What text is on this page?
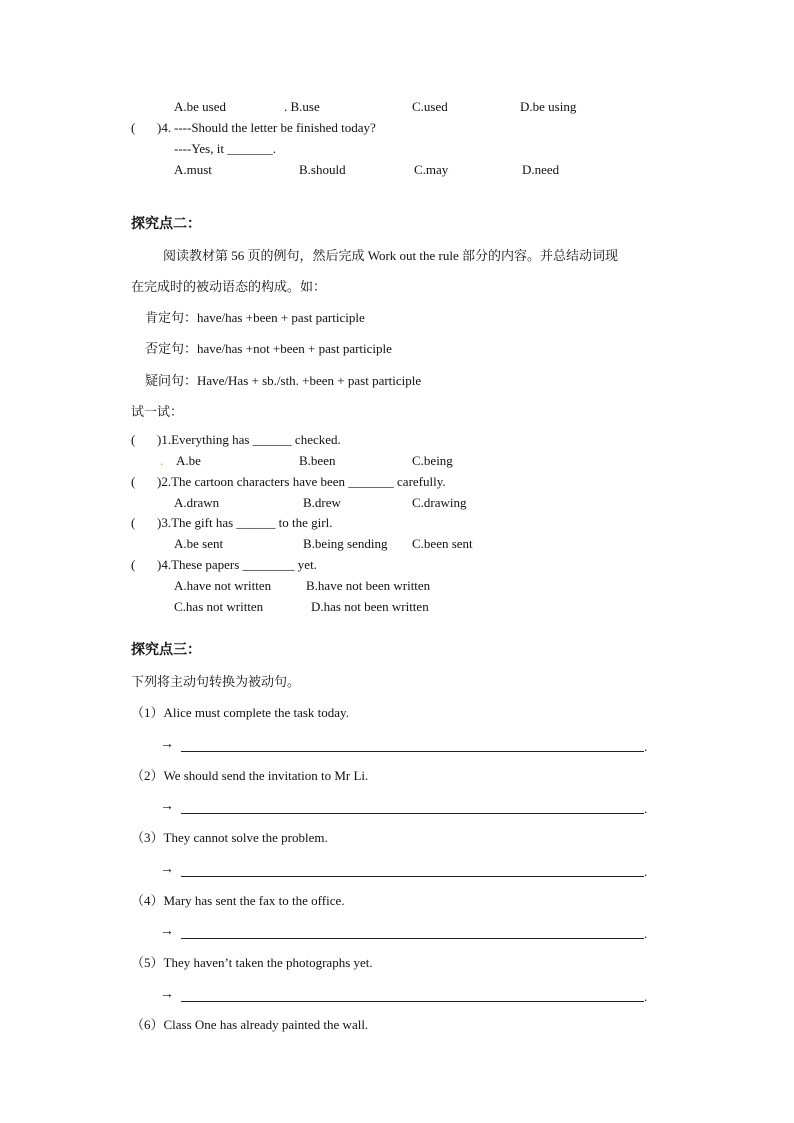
A.be used	. B.use	C.used	D.be using
( )4. ----Should the letter be finished today?
----Yes, it _______.
A.must	B.should	C.may	D.need
探究点二：
阅读教材第 56 页的例句，然后完成 Work out the rule 部分的内容。并总结动词现
在完成时的被动语态的构成。如：
肯定句：have/has +been + past participle
否定句：have/has +not +been + past participle
疑问句：Have/Has + sb./sth. +been + past participle
试一试：
( )1.Everything has ______ checked.
. A.be	B.been	C.being
( )2.The cartoon characters have been _______ carefully.
A.drawn	B.drew	C.drawing
( )3.The gift has ______ to the girl.
A.be sent	B.being sending C.been sent
( )4.These papers ________ yet.
A.have not written	B.have not been written
C.has not written	D.has not been written
探究点三：
下列将主动句转换为被动句。
（1）Alice must complete the task today.
→	.
（2）We should send the invitation to Mr Li.
→	.
（3）They cannot solve the problem.
→	.
（4）Mary has sent the fax to the office.
→	.
（5）They haven’t taken the photographs yet.
→	.
（6）Class One has already painted the wall.
